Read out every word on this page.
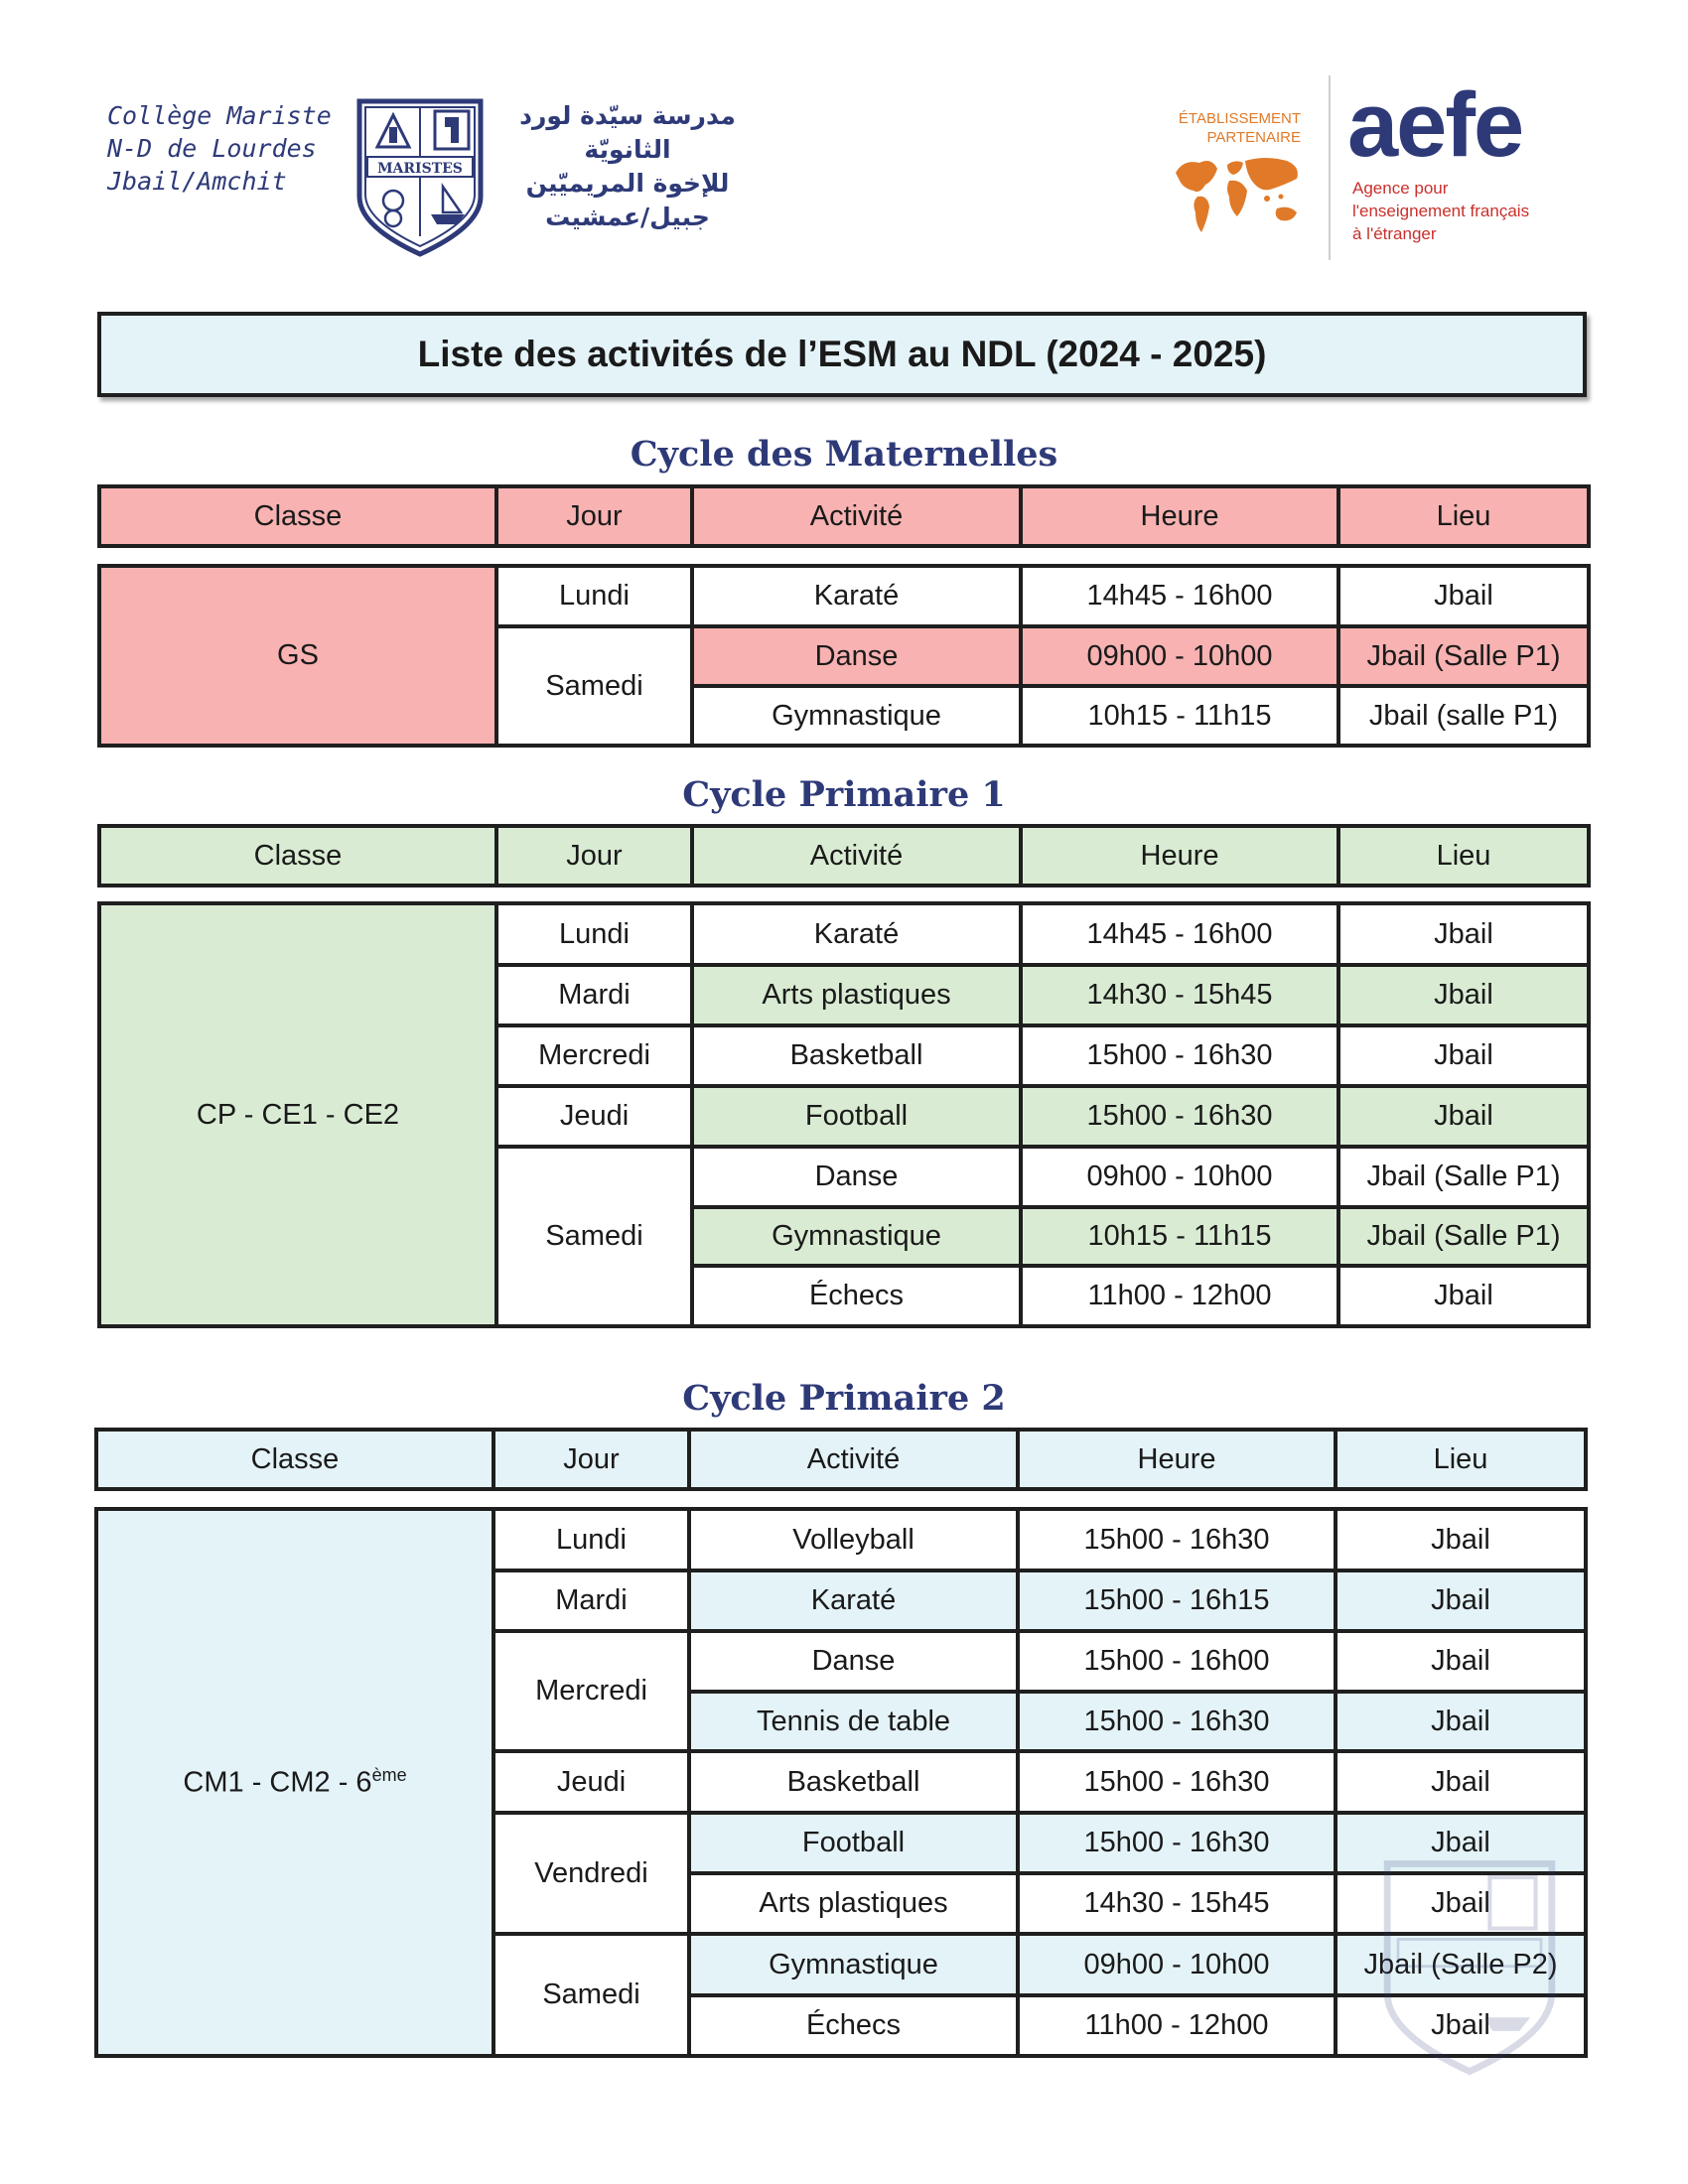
Collège Mariste
N-D de Lourdes
Jbail/Amchit	MARISTES
مدرسة سيّدة لورد الثانويّة
للإخوة المريميّين
جبيل/عمشيت
ÉTABLISSEMENT
PARTENAIRE aefe
Agence pour
l'enseignement français
à l'étranger
Liste des activités de l’ESM au NDL (2024 - 2025)
Cycle des Maternelles
Classe	Jour	Activité	Heure	Lieu
GS	Lundi	Karaté	14h45 - 16h00	Jbail
	Samedi	Danse	09h00 - 10h00	Jbail (Salle P1)
		Gymnastique	10h15 - 11h15	Jbail (salle P1)
Cycle Primaire 1
Classe	Jour	Activité	Heure	Lieu
CP - CE1 - CE2	Lundi	Karaté	14h45 - 16h00	Jbail
	Mardi	Arts plastiques	14h30 - 15h45	Jbail
	Mercredi	Basketball	15h00 - 16h30	Jbail
	Jeudi	Football	15h00 - 16h30	Jbail
	Samedi	Danse	09h00 - 10h00	Jbail (Salle P1)
		Gymnastique	10h15 - 11h15	Jbail (Salle P1)
		Échecs	11h00 - 12h00	Jbail
Cycle Primaire 2
Classe	Jour	Activité	Heure	Lieu
CM1 - CM2 - 6ème	Lundi	Volleyball	15h00 - 16h30	Jbail
	Mardi	Karaté	15h00 - 16h15	Jbail
	Mercredi	Danse	15h00 - 16h00	Jbail
		Tennis de table	15h00 - 16h30	Jbail
	Jeudi	Basketball	15h00 - 16h30	Jbail
	Vendredi	Football	15h00 - 16h30	Jbail
		Arts plastiques	14h30 - 15h45	Jbail
	Samedi	Gymnastique	09h00 - 10h00	Jbail (Salle P2)
		Échecs	11h00 - 12h00	Jbail
